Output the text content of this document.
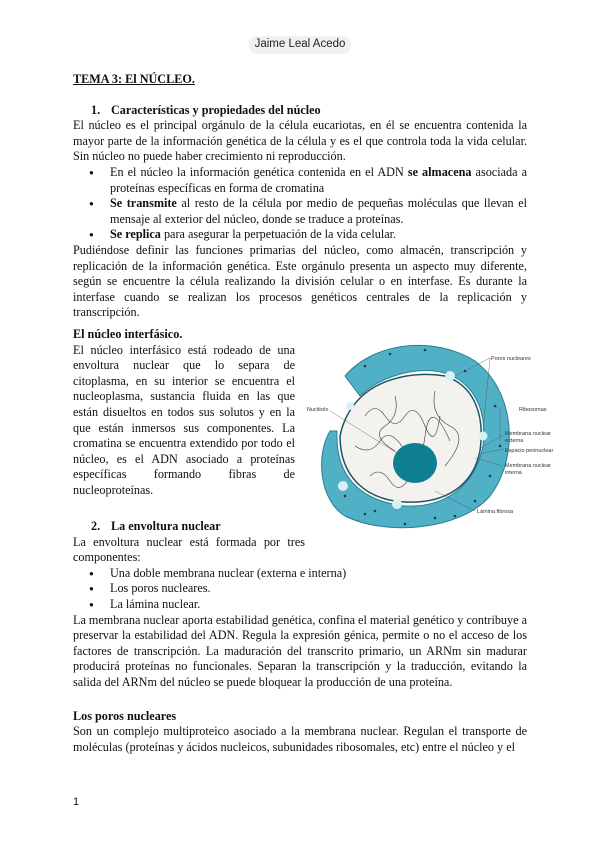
Jaime Leal Acedo

TEMA 3: El NÚCLEO.

1. Características y propiedades del núcleo

El núcleo es el principal orgánulo de la célula eucariotas, en él se encuentra contenida la mayor parte de la información genética de la célula y es el que controla toda la vida celular. Sin núcleo no puede haber crecimiento ni reproducción.

● En el núcleo la información genética contenida en el ADN se almacena asociada a proteínas específicas en forma de cromatina
● Se transmite al resto de la célula por medio de pequeñas moléculas que llevan el mensaje al exterior del núcleo, donde se traduce a proteínas.
● Se replica para asegurar la perpetuación de la vida celular.

Pudiéndose definir las funciones primarias del núcleo, como almacén, transcripción y replicación de la información genética. Este orgánulo presenta un aspecto muy diferente, según se encuentre la célula realizando la división celular o en interfase. Es durante la interfase cuando se realizan los procesos genéticos centrales de la replicación y transcripción.

El núcleo interfásico.

El núcleo interfásico está rodeado de una envoltura nuclear que lo separa de citoplasma, en su interior se encuentra el nucleoplasma, sustancia fluida en las que están disueltos en todos sus solutos y en la que están inmersos sus componentes. La cromatina se encuentra extendido por todo el núcleo, es el ADN asociado a proteínas específicas formando fibras de nucleoproteínas.

Nucléolo
Poros nucleares
Ribosomas
Membrana nuclear
externa
Espacio perinuclear
Membrana nuclear
interna
Lámina fibrosa

2. La envoltura nuclear

La envoltura nuclear está formada por tres componentes:

● Una doble membrana nuclear (externa e interna)
● Los poros nucleares.
● La lámina nuclear.

La membrana nuclear aporta estabilidad genética, confina el material genético y contribuye a preservar la estabilidad del ADN. Regula la expresión génica, permite o no el acceso de los factores de transcripción. La maduración del transcrito primario, un ARNm sin madurar producirá proteínas no funcionales. Separan la transcripción y la traducción, evitando la salida del ARNm del núcleo se puede bloquear la producción de una proteína.

Los poros nucleares

Son un complejo multiproteico asociado a la membrana nuclear. Regulan el transporte de moléculas (proteínas y ácidos nucleicos, subunidades ribosomales, etc) entre el núcleo y el

1
